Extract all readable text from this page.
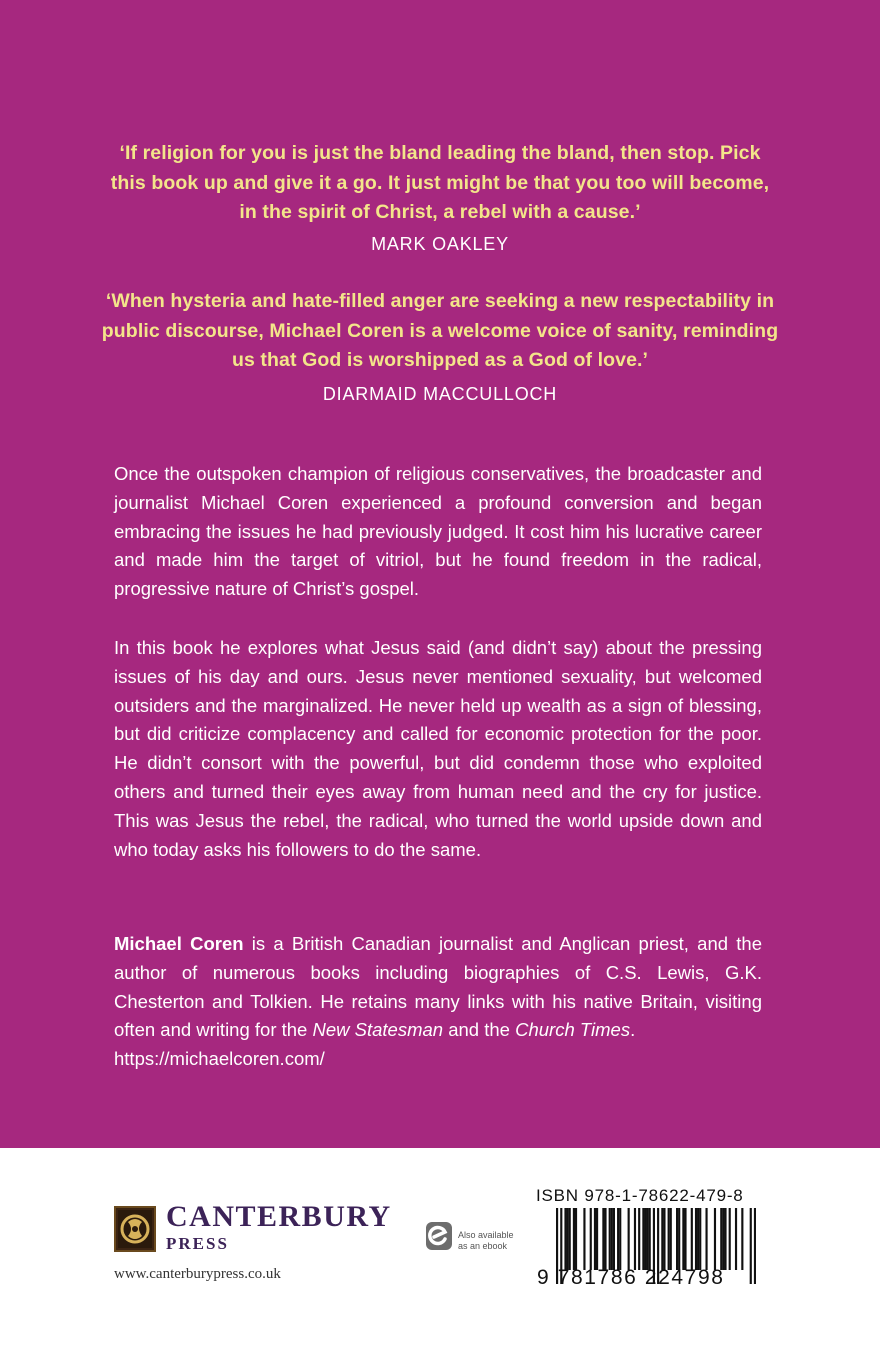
‘If religion for you is just the bland leading the bland, then stop. Pick this book up and give it a go. It just might be that you too will become, in the spirit of Christ, a rebel with a cause.’
MARK OAKLEY
‘When hysteria and hate-filled anger are seeking a new respectability in public discourse, Michael Coren is a welcome voice of sanity, reminding us that God is worshipped as a God of love.’
DIARMAID MACCULLOCH

Once the outspoken champion of religious conservatives, the broadcaster and journalist Michael Coren experienced a profound conversion and began embracing the issues he had previously judged. It cost him his lucrative career and made him the target of vitriol, but he found freedom in the radical, progressive nature of Christ’s gospel.

In this book he explores what Jesus said (and didn’t say) about the pressing issues of his day and ours. Jesus never mentioned sexuality, but welcomed outsiders and the marginalized. He never held up wealth as a sign of blessing, but did criticize complacency and called for economic protection for the poor. He didn’t consort with the powerful, but did condemn those who exploited others and turned their eyes away from human need and the cry for justice. This was Jesus the rebel, the radical, who turned the world upside down and who today asks his followers to do the same.

Michael Coren is a British Canadian journalist and Anglican priest, and the author of numerous books including biographies of C.S. Lewis, G.K. Chesterton and Tolkien. He retains many links with his native Britain, visiting often and writing for the New Statesman and the Church Times.
https://michaelcoren.com/

CANTERBURY
PRESS
www.canterburypress.co.uk
Also available
as an ebook
ISBN 978-1-78622-479-8
9 781786 224798
